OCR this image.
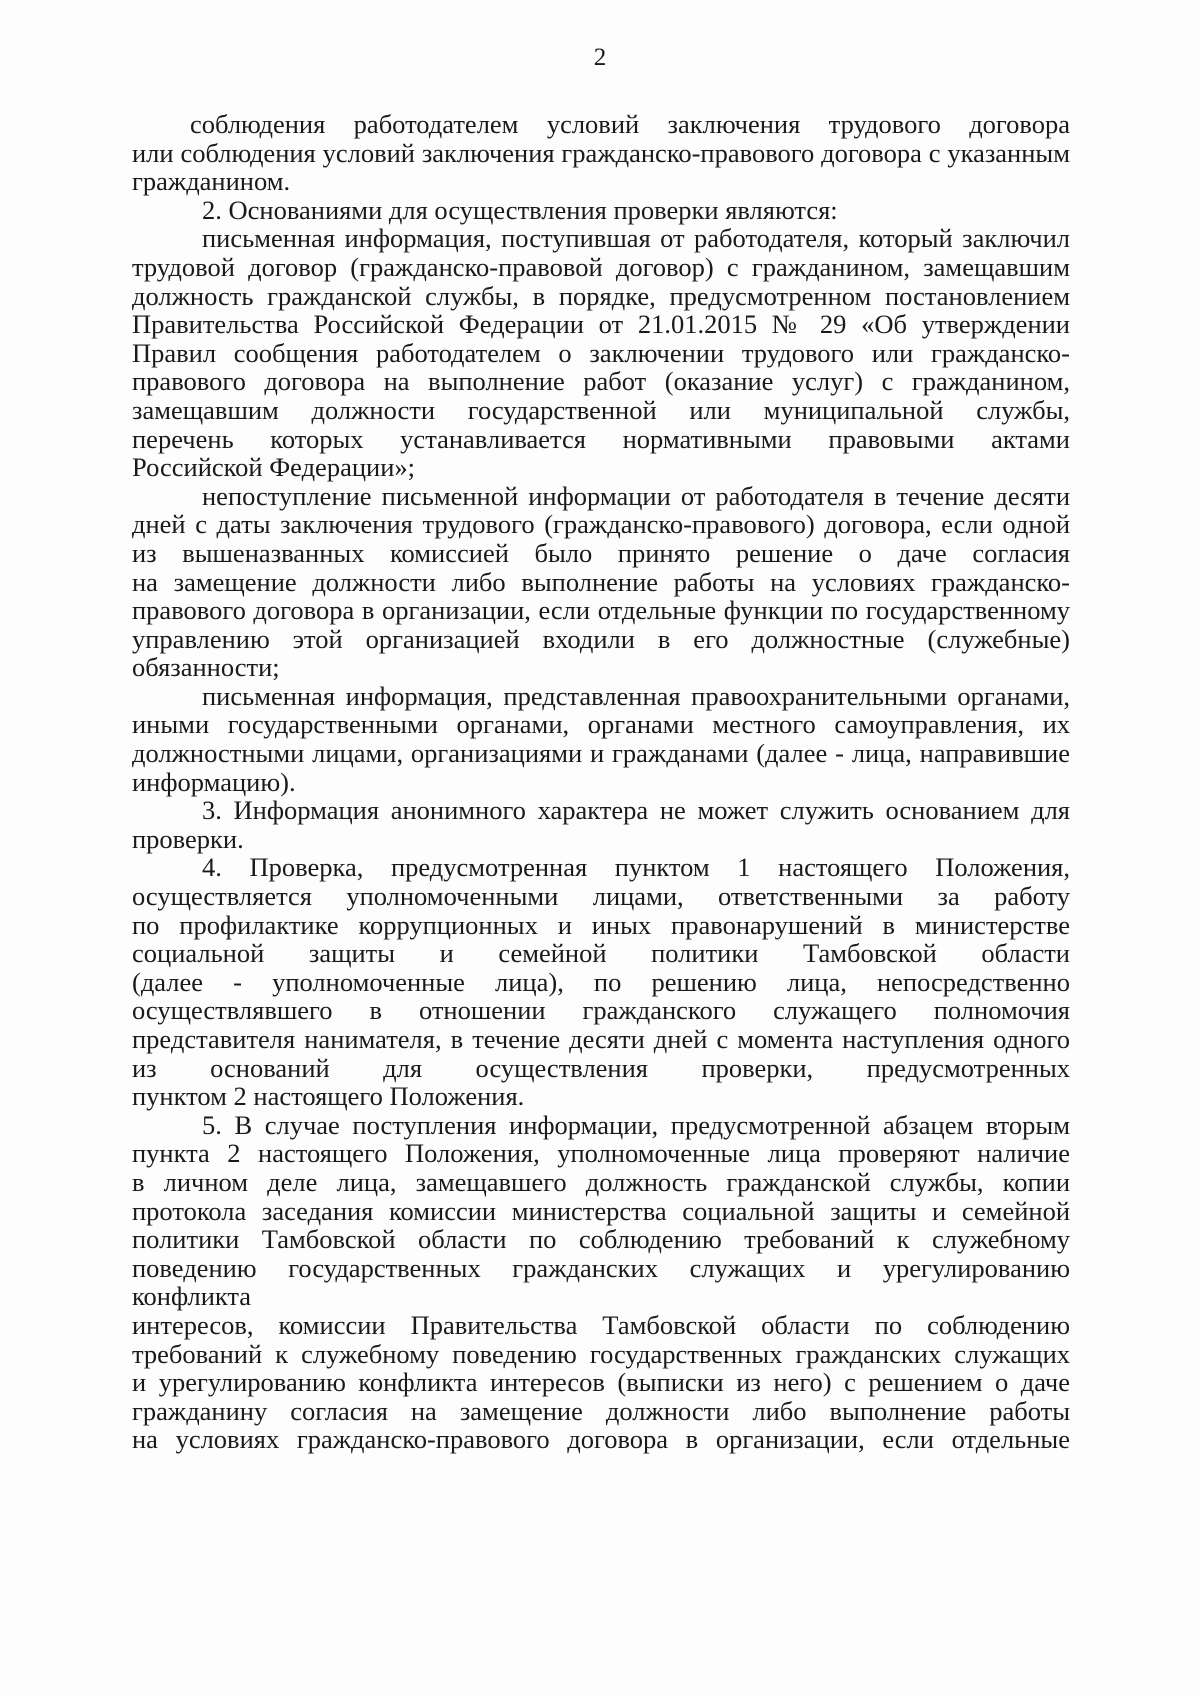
2

соблюдения работодателем условий заключения трудового договора

или соблюдения условий заключения гражданско-правового договора с указанным

гражданином.

2. Основаниями для осуществления проверки являются:

письменная информация, поступившая от работодателя, который заключил

трудовой договор (гражданско-правовой договор) с гражданином, замещавшим

должность гражданской службы, в порядке, предусмотренном постановлением

Правительства Российской Федерации от 21.01.2015 № 29 «Об утверждении

Правил сообщения работодателем о заключении трудового или гражданско-

правового договора на выполнение работ (оказание услуг) с гражданином,

замещавшим должности государственной или муниципальной службы,

перечень которых устанавливается нормативными правовыми актами

Российской Федерации»;

непоступление письменной информации от работодателя в течение десяти

дней с даты заключения трудового (гражданско-правового) договора, если одной

из вышеназванных комиссией было принято решение о даче согласия

на замещение должности либо выполнение работы на условиях гражданско-

правового договора в организации, если отдельные функции по государственному

управлению этой организацией входили в его должностные (служебные)

обязанности;

письменная информация, представленная правоохранительными органами,

иными государственными органами, органами местного самоуправления, их

должностными лицами, организациями и гражданами (далее - лица, направившие

информацию).

3. Информация анонимного характера не может служить основанием для

проверки.

4. Проверка, предусмотренная пунктом 1 настоящего Положения,

осуществляется уполномоченными лицами, ответственными за работу

по профилактике коррупционных и иных правонарушений в министерстве

социальной защиты и семейной политики Тамбовской области

(далее - уполномоченные лица), по решению лица, непосредственно

осуществлявшего в отношении гражданского служащего полномочия

представителя нанимателя, в течение десяти дней с момента наступления одного

из оснований для осуществления проверки, предусмотренных

пунктом 2 настоящего Положения.

5. В случае поступления информации, предусмотренной абзацем вторым

пункта 2 настоящего Положения, уполномоченные лица проверяют наличие

в личном деле лица, замещавшего должность гражданской службы, копии

протокола заседания комиссии министерства социальной защиты и семейной

политики Тамбовской области по соблюдению требований к служебному

поведению государственных гражданских служащих и урегулированию конфликта

интересов, комиссии Правительства Тамбовской области по соблюдению

требований к служебному поведению государственных гражданских служащих

и урегулированию конфликта интересов (выписки из него) с решением о даче

гражданину согласия на замещение должности либо выполнение работы

на условиях гражданско-правового договора в организации, если отдельные
